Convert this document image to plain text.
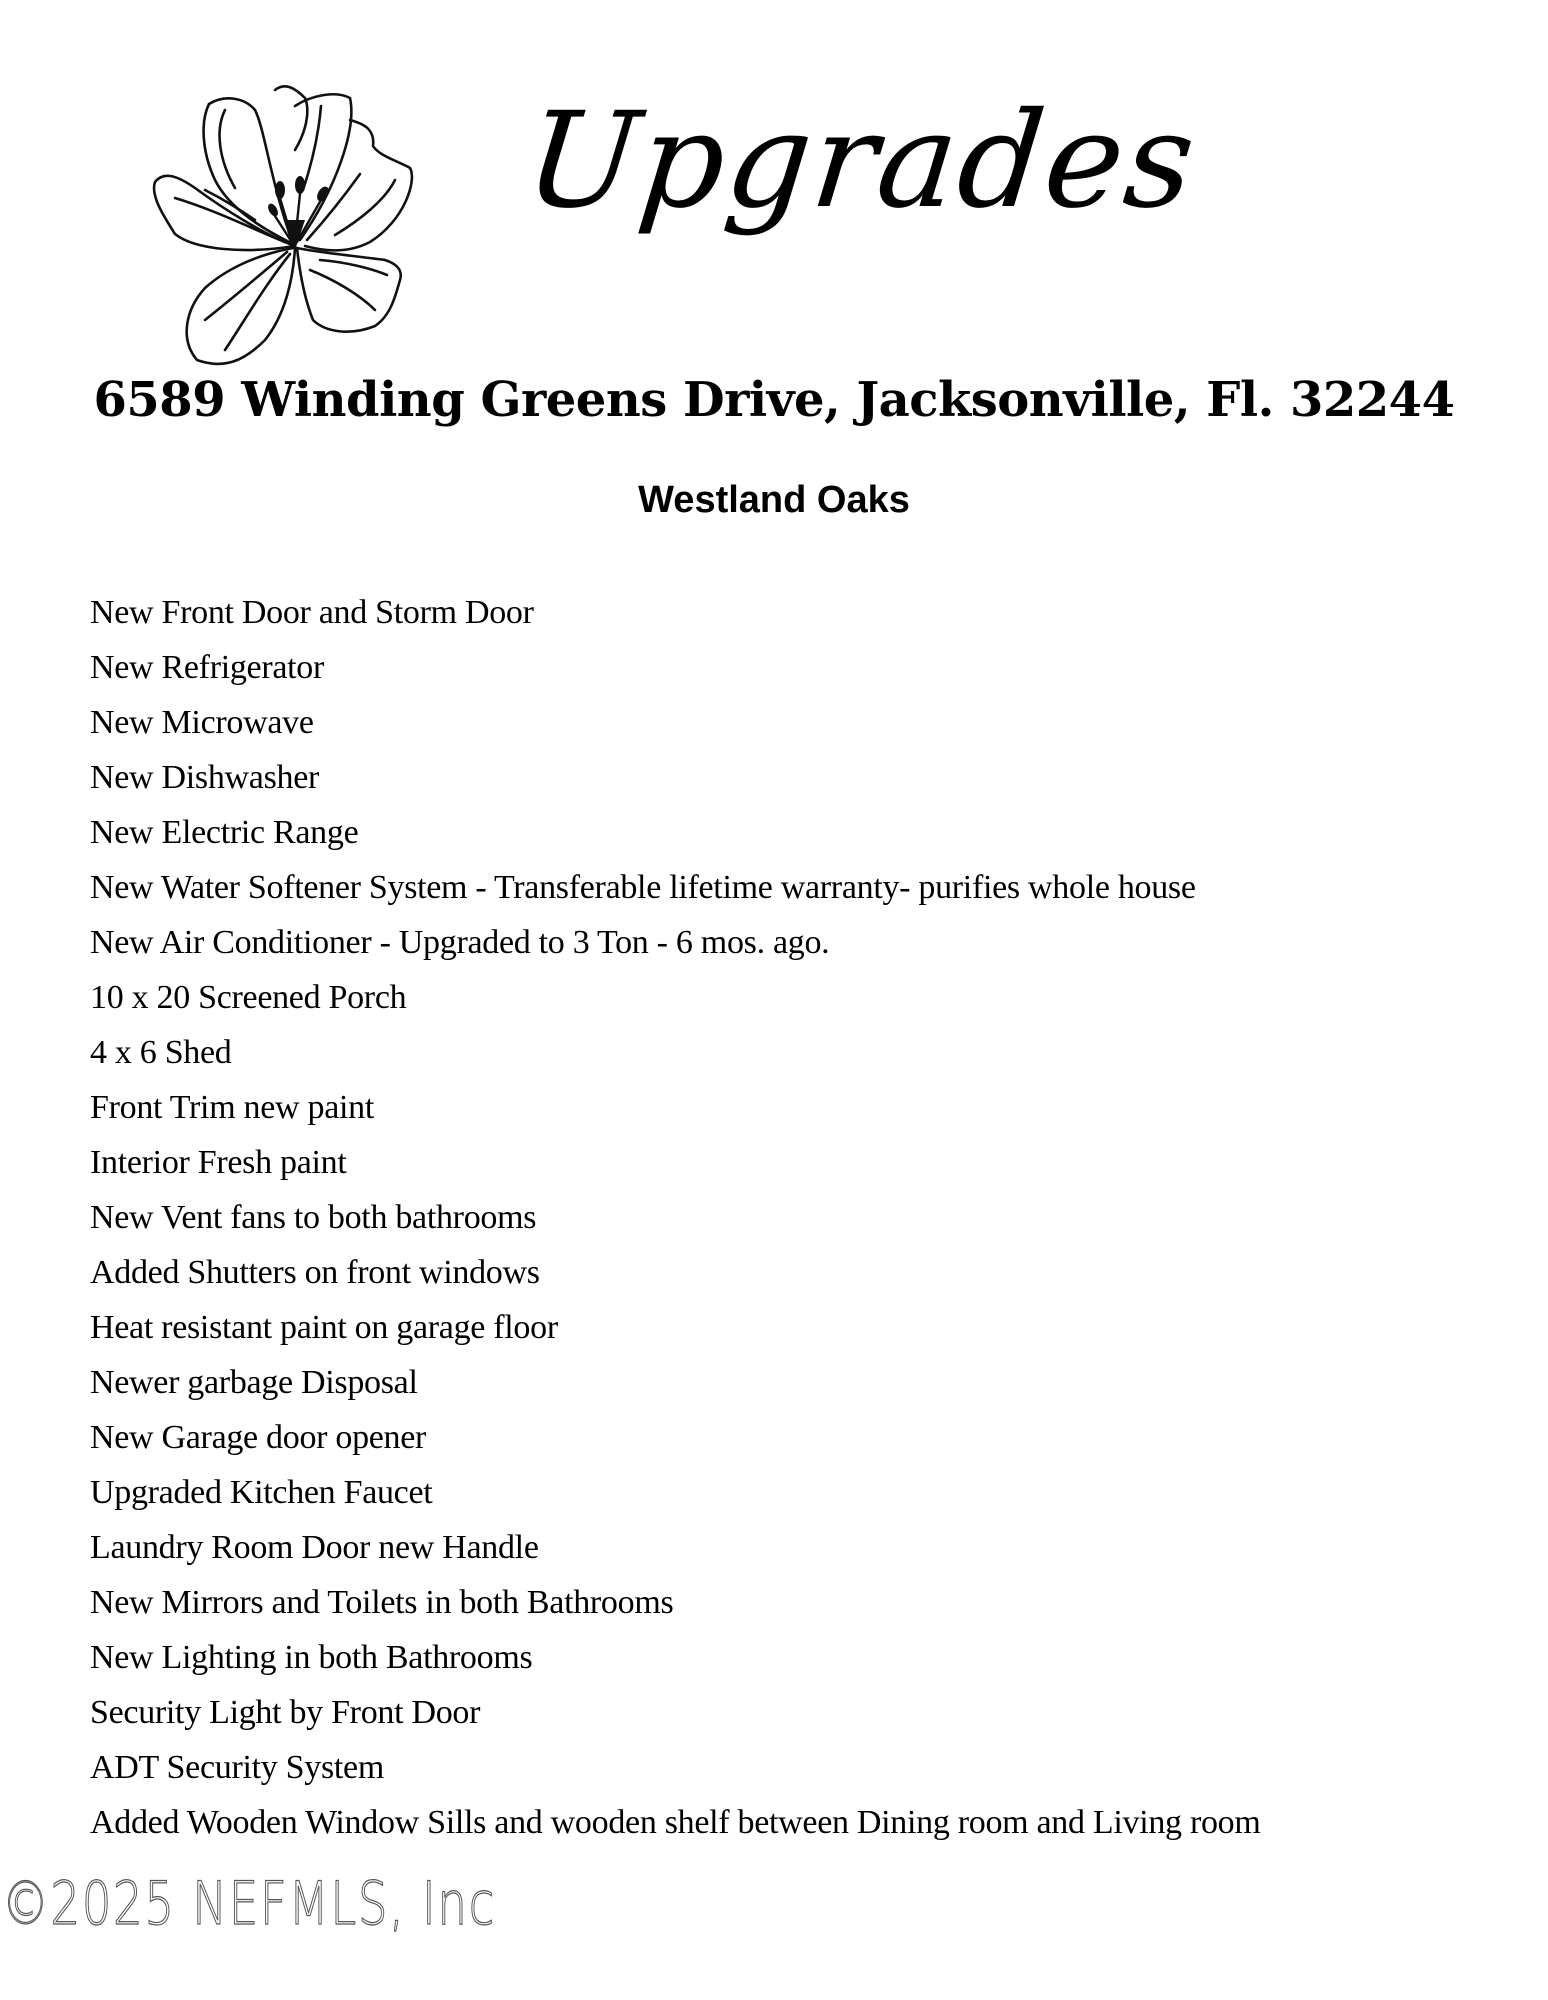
Upgrades
6589 Winding Greens Drive, Jacksonville, Fl. 32244
Westland Oaks
New Front Door and Storm Door
New Refrigerator
New Microwave
New Dishwasher
New Electric Range
New Water Softener System - Transferable lifetime warranty- purifies whole house
New Air Conditioner - Upgraded to 3 Ton - 6 mos. ago.
10 x 20 Screened Porch
4 x 6 Shed
Front Trim new paint
Interior Fresh paint
New Vent fans to both bathrooms
Added Shutters on front windows
Heat resistant paint on garage floor
Newer garbage Disposal
New Garage door opener
Upgraded Kitchen Faucet
Laundry Room Door new Handle
New Mirrors and Toilets in both Bathrooms
New Lighting in both Bathrooms
Security Light by Front Door
ADT Security System
Added Wooden Window Sills and wooden shelf between Dining room and Living room
©2025 NEFMLS, Inc
